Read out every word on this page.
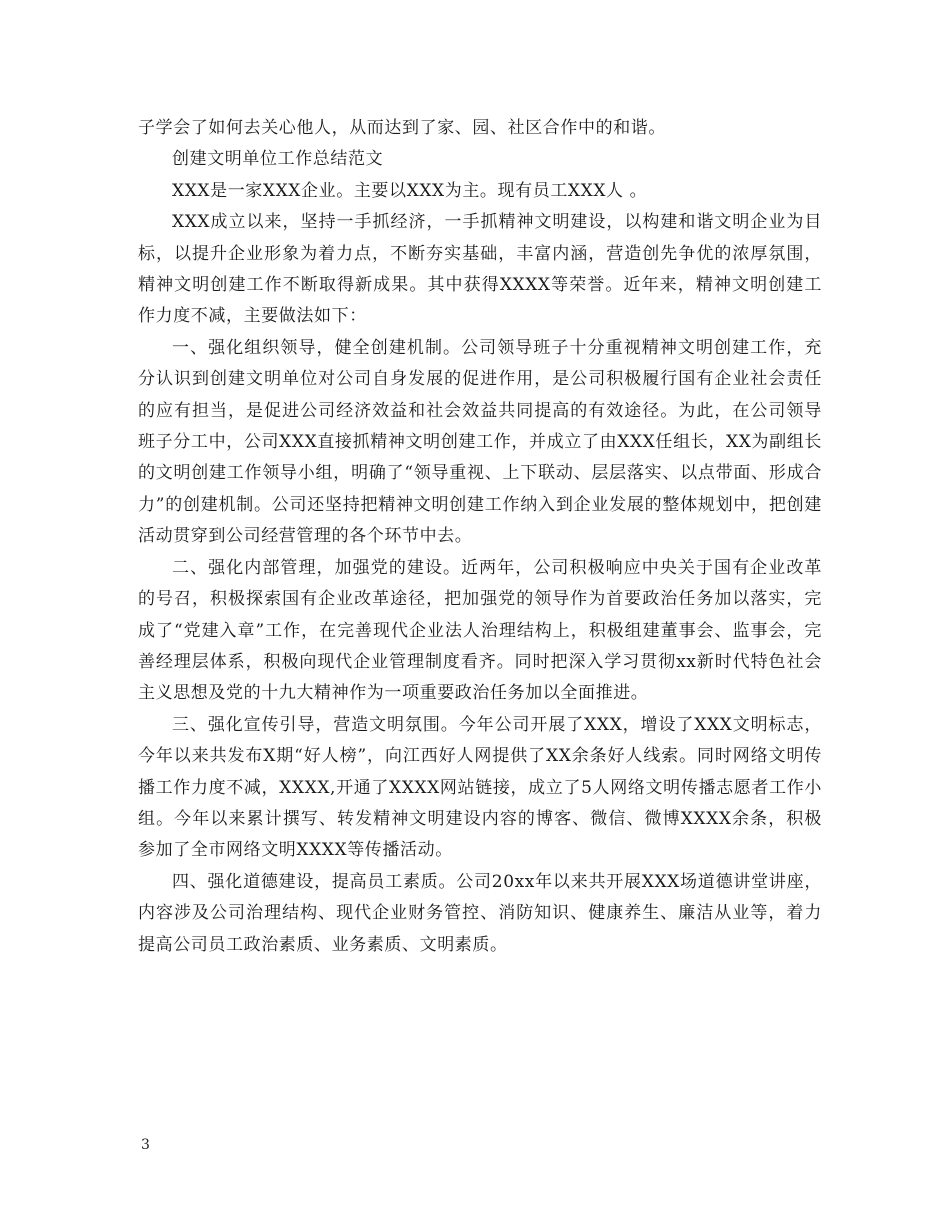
子学会了如何去关心他人，从而达到了家、园、社区合作中的和谐。

创建文明单位工作总结范文

XXX是一家XXX企业。主要以XXX为主。现有员工XXX人 。

XXX成立以来，坚持一手抓经济，一手抓精神文明建设，以构建和谐文明企业为目标，以提升企业形象为着力点，不断夯实基础，丰富内涵，营造创先争优的浓厚氛围，精神文明创建工作不断取得新成果。其中获得XXXX等荣誉。近年来，精神文明创建工作力度不减，主要做法如下：

一、强化组织领导，健全创建机制。公司领导班子十分重视精神文明创建工作，充分认识到创建文明单位对公司自身发展的促进作用，是公司积极履行国有企业社会责任的应有担当，是促进公司经济效益和社会效益共同提高的有效途径。为此，在公司领导班子分工中，公司XXX直接抓精神文明创建工作，并成立了由XXX任组长，XX为副组长的文明创建工作领导小组，明确了“领导重视、上下联动、层层落实、以点带面、形成合力”的创建机制。公司还坚持把精神文明创建工作纳入到企业发展的整体规划中，把创建活动贯穿到公司经营管理的各个环节中去。

二、强化内部管理，加强党的建设。近两年，公司积极响应中央关于国有企业改革的号召，积极探索国有企业改革途径，把加强党的领导作为首要政治任务加以落实，完成了“党建入章”工作，在完善现代企业法人治理结构上，积极组建董事会、监事会，完善经理层体系，积极向现代企业管理制度看齐。同时把深入学习贯彻xx新时代特色社会主义思想及党的十九大精神作为一项重要政治任务加以全面推进。

三、强化宣传引导，营造文明氛围。今年公司开展了XXX，增设了XXX文明标志，今年以来共发布X期“好人榜”，向江西好人网提供了XX余条好人线索。同时网络文明传播工作力度不减，XXXX,开通了XXXX网站链接，成立了5人网络文明传播志愿者工作小组。今年以来累计撰写、转发精神文明建设内容的博客、微信、微博XXXX余条，积极参加了全市网络文明XXXX等传播活动。

四、强化道德建设，提高员工素质。公司20xx年以来共开展XXX场道德讲堂讲座，内容涉及公司治理结构、现代企业财务管控、消防知识、健康养生、廉洁从业等，着力提高公司员工政治素质、业务素质、文明素质。

3
